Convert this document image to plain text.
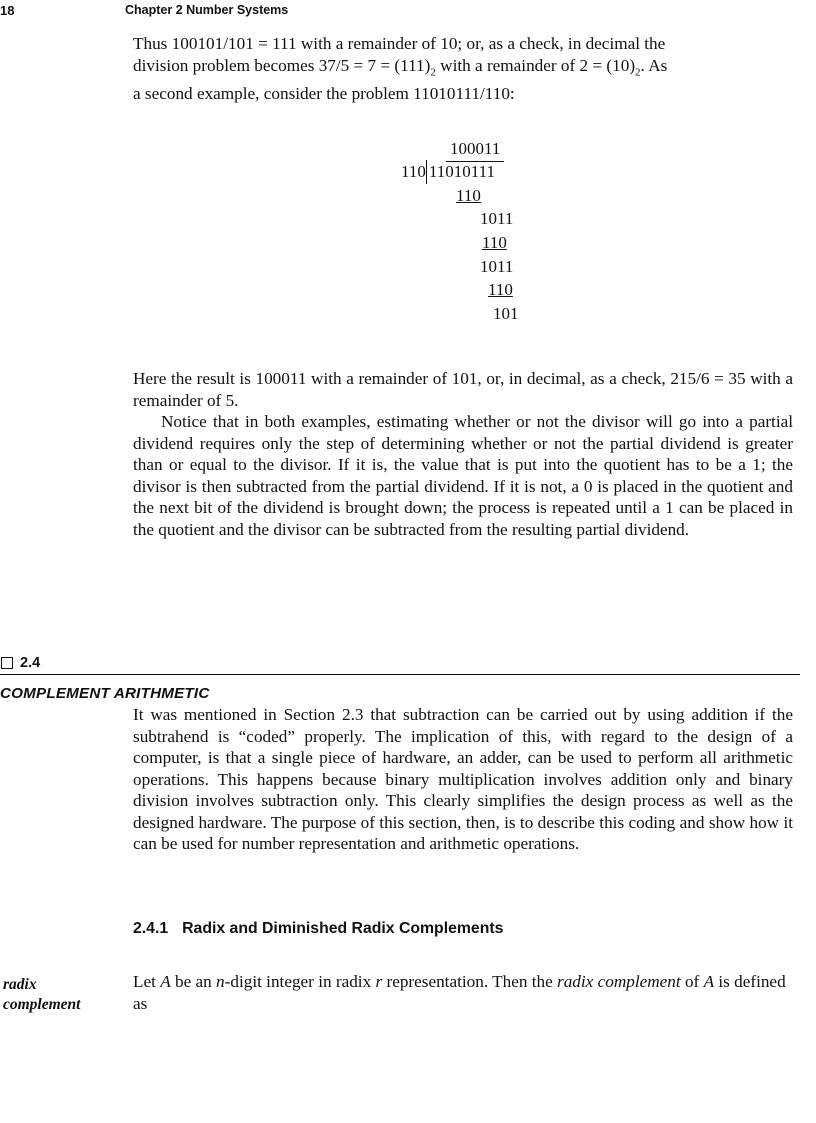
18	Chapter 2 Number Systems

Thus 100101/101 = 111 with a remainder of 10; or, as a check, in decimal the
division problem becomes $37/5 = 7 = (111)_2$ with a remainder of $2 = (10)_2$. As
a second example, consider the problem 11010111/110:

100011
110 11010111
110
1011
110
1011
110
101

Here the result is 100011 with a remainder of 101, or, in decimal, as a check, 215/6 = 35 with a remainder of 5.

Notice that in both examples, estimating whether or not the divisor will go into a partial dividend requires only the step of determining whether or not the partial dividend is greater than or equal to the divisor. If it is, the value that is put into the quotient has to be a 1; the divisor is then subtracted from the partial dividend. If it is not, a 0 is placed in the quotient and the next bit of the dividend is brought down; the process is repeated until a 1 can be placed in the quotient and the divisor can be subtracted from the resulting partial dividend.

2.4
COMPLEMENT ARITHMETIC

It was mentioned in Section 2.3 that subtraction can be carried out by using addition if the subtrahend is “coded” properly. The implication of this, with regard to the design of a computer, is that a single piece of hardware, an adder, can be used to perform all arithmetic operations. This happens because binary multiplication involves addition only and binary division involves subtraction only. This clearly simplifies the design process as well as the designed hardware. The purpose of this section, then, is to describe this coding and show how it can be used for number representation and arithmetic operations.

2.4.1 Radix and Diminished Radix Complements
radix
complement

Let A be an n-digit integer in radix r representation. Then the radix complement of A is defined as
